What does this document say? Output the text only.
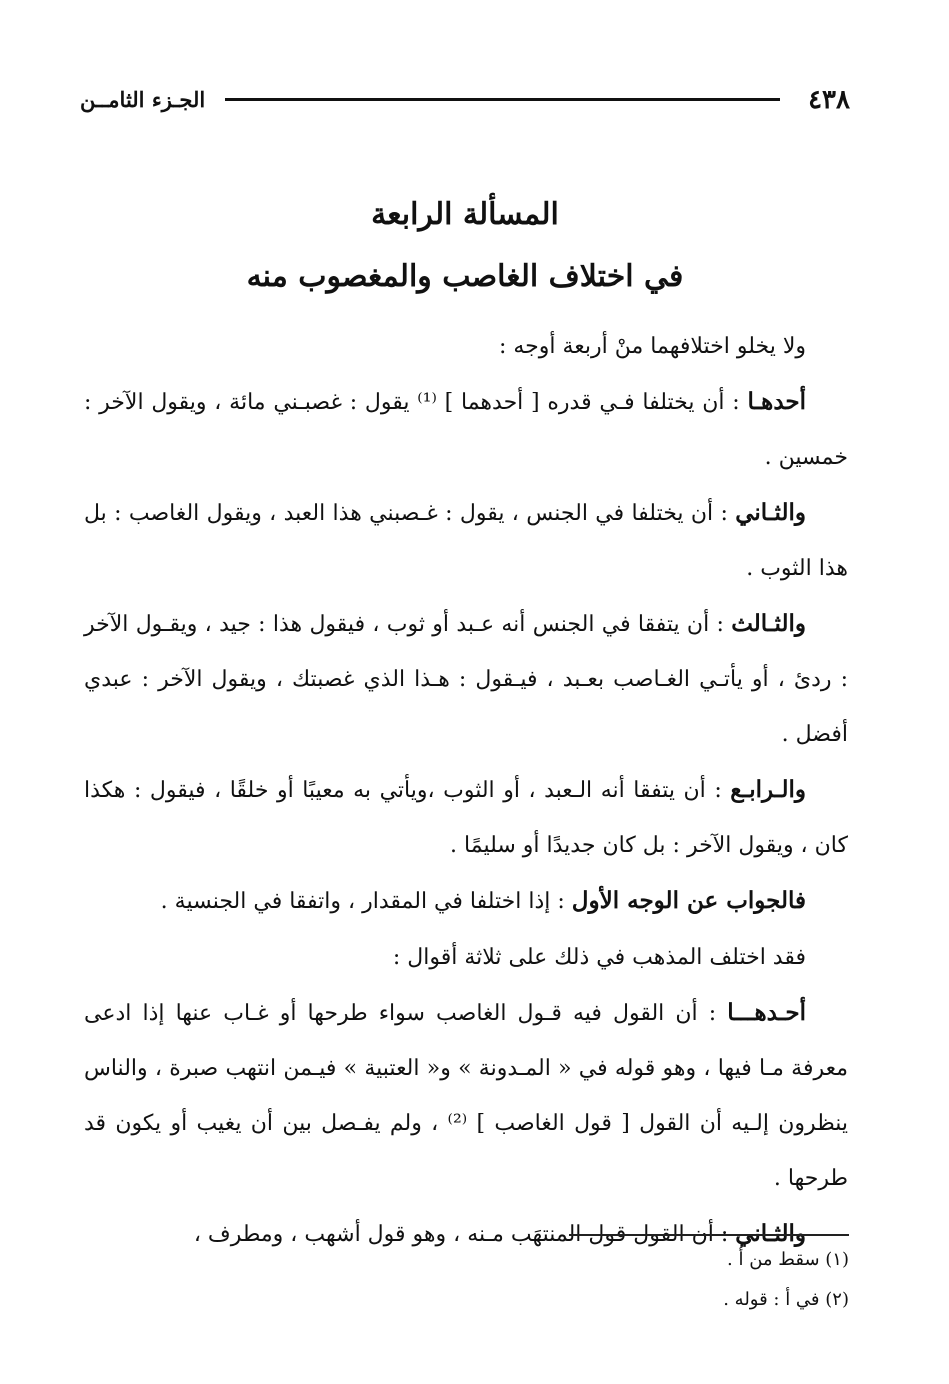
٤٣٨
الجـزء الثامــن
المسألة الرابعة
في اختلاف الغاصب والمغصوب منه

ولا يخلو اختلافهما منْ أربعة أوجه :

أحدهـا : أن يختلفا فـي قدره [ أحدهما ] ⁽¹⁾ يقول : غصبـني مائة ، ويقول الآخر : خمسين .

والثـاني : أن يختلفا في الجنس ، يقول : غـصبني هذا العبد ، ويقول الغاصب : بل هذا الثوب .

والثـالث : أن يتفقا في الجنس أنه عـبد أو ثوب ، فيقول هذا : جيد ، ويقـول الآخر : ردئ ، أو يأتـي الغـاصب بعـبد ، فيـقول : هـذا الذي غصبتك ، ويقول الآخر : عبدي أفضل .

والـرابـع : أن يتفقا أنه الـعبد ، أو الثوب ،ويأتي به معيبًا أو خلقًا ، فيقول : هكذا كان ، ويقول الآخر : بل كان جديدًا أو سليمًا .

فالجواب عن الوجه الأول : إذا اختلفا في المقدار ، واتفقا في الجنسية .

فقد اختلف المذهب في ذلك على ثلاثة أقوال :

أحـدهـــا : أن القول فيه قـول الغاصب سواء طرحها أو غـاب عنها إذا ادعى معرفة مـا فيها ، وهو قوله في « المـدونة » و« العتبية » فيـمن انتهب صبرة ، والناس ينظرون إلـيه أن القول [ قول الغاصب ] ⁽²⁾ ، ولم يفـصل بين أن يغيب أو يكون قد طرحها .

والثـاني : أن القول قول المنتهَب مـنه ، وهو قول أشهب ، ومطرف ،

(١) سقط من أ .
(٢) في أ : قوله .
